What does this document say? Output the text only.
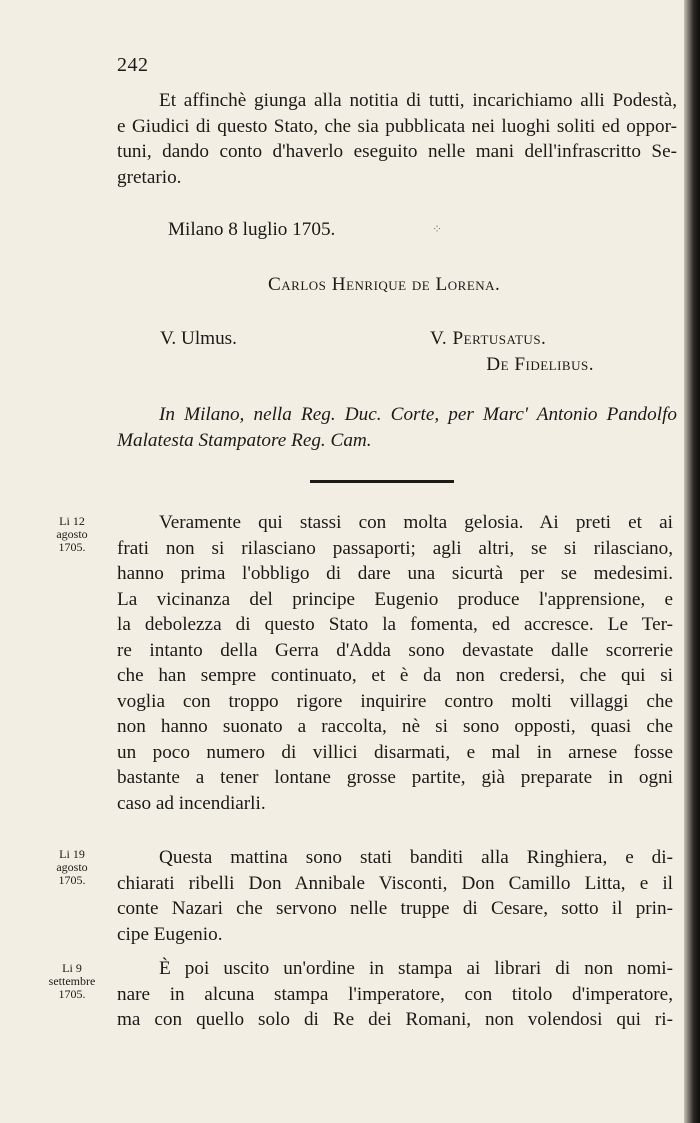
242
Et affinchè giunga alla notitia di tutti, incarichiamo alli Podestà,
e Giudici di questo Stato, che sia pubblicata nei luoghi soliti ed oppor-
tuni, dando conto d'haverlo eseguito nelle mani dell'infrascritto Se-
gretario.
Milano 8 luglio 1705.	⁘
Carlos Henrique de Lorena.
V. Ulmus.	V. Pertusatus.
De Fidelibus.
In Milano, nella Reg. Duc. Corte, per Marc' Antonio Pandolfo
Malatesta Stampatore Reg. Cam.
Li 12
agosto
1705.
Li 19
agosto
1705.
Li 9
settembre
1705.
Veramente qui stassi con molta gelosia. Ai preti et ai
frati non si rilasciano passaporti; agli altri, se si rilasciano,
hanno prima l'obbligo di dare una sicurtà per se medesimi.
La vicinanza del principe Eugenio produce l'apprensione, e
la debolezza di questo Stato la fomenta, ed accresce. Le Ter-
re intanto della Gerra d'Adda sono devastate dalle scorrerie
che han sempre continuato, et è da non credersi, che qui si
voglia con troppo rigore inquirire contro molti villaggi che
non hanno suonato a raccolta, nè si sono opposti, quasi che
un poco numero di villici disarmati, e mal in arnese fosse
bastante a tener lontane grosse partite, già preparate in ogni
caso ad incendiarli.
Questa mattina sono stati banditi alla Ringhiera, e di-
chiarati ribelli Don Annibale Visconti, Don Camillo Litta, e il
conte Nazari che servono nelle truppe di Cesare, sotto il prin-
cipe Eugenio.
È poi uscito un'ordine in stampa ai librari di non nomi-
nare in alcuna stampa l'imperatore, con titolo d'imperatore,
ma con quello solo di Re dei Romani, non volendosi qui ri-
